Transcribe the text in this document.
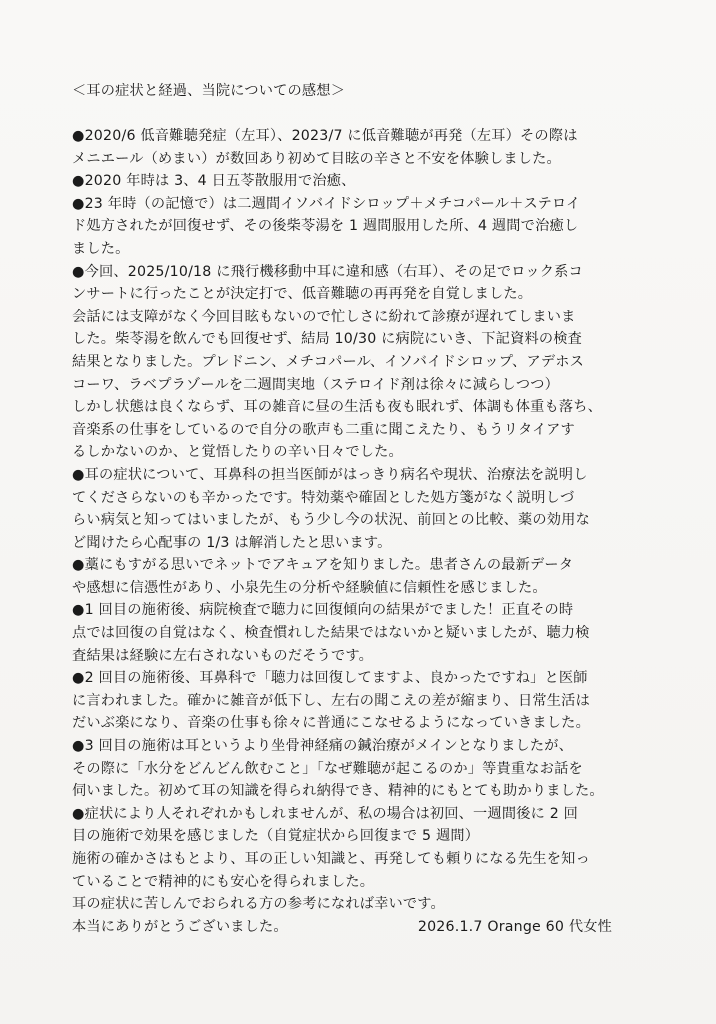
＜耳の症状と経過、当院についての感想＞
●2020/6 低音難聴発症（左耳）、2023/7 に低音難聴が再発（左耳）その際は
メニエール（めまい）が数回あり初めて目眩の辛さと不安を体験しました。
●2020 年時は 3、4 日五苓散服用で治癒、
●23 年時（の記憶で）は二週間イソバイドシロップ＋メチコパール＋ステロイ
ド処方されたが回復せず、その後柴苓湯を 1 週間服用した所、4 週間で治癒し
ました。
●今回、2025/10/18 に飛行機移動中耳に違和感（右耳）、その足でロック系コ
ンサートに行ったことが決定打で、低音難聴の再再発を自覚しました。
会話には支障がなく今回目眩もないので忙しさに紛れて診療が遅れてしまいま
した。柴苓湯を飲んでも回復せず、結局 10/30 に病院にいき、下記資料の検査
結果となりました。プレドニン、メチコパール、イソバイドシロップ、アデホス
コーワ、ラベプラゾールを二週間実地（ステロイド剤は徐々に減らしつつ）
しかし状態は良くならず、耳の雑音に昼の生活も夜も眠れず、体調も体重も落ち、
音楽系の仕事をしているので自分の歌声も二重に聞こえたり、もうリタイアす
るしかないのか、と覚悟したりの辛い日々でした。
●耳の症状について、耳鼻科の担当医師がはっきり病名や現状、治療法を説明し
てくださらないのも辛かったです。特効薬や確固とした処方箋がなく説明しづ
らい病気と知ってはいましたが、もう少し今の状況、前回との比較、薬の効用な
ど聞けたら心配事の 1/3 は解消したと思います。
●藁にもすがる思いでネットでアキュアを知りました。患者さんの最新データ
や感想に信憑性があり、小泉先生の分析や経験値に信頼性を感じました。
●1 回目の施術後、病院検査で聴力に回復傾向の結果がでました！正直その時
点では回復の自覚はなく、検査慣れした結果ではないかと疑いましたが、聴力検
査結果は経験に左右されないものだそうです。
●2 回目の施術後、耳鼻科で「聴力は回復してますよ、良かったですね」と医師
に言われました。確かに雑音が低下し、左右の聞こえの差が縮まり、日常生活は
だいぶ楽になり、音楽の仕事も徐々に普通にこなせるようになっていきました。
●3 回目の施術は耳というより坐骨神経痛の鍼治療がメインとなりましたが、
その際に「水分をどんどん飲むこと」「なぜ難聴が起こるのか」等貴重なお話を
伺いました。初めて耳の知識を得られ納得でき、精神的にもとても助かりました。
●症状により人それぞれかもしれませんが、私の場合は初回、一週間後に 2 回
目の施術で効果を感じました（自覚症状から回復まで 5 週間）
施術の確かさはもとより、耳の正しい知識と、再発しても頼りになる先生を知っ
ていることで精神的にも安心を得られました。
耳の症状に苦しんでおられる方の参考になれば幸いです。
本当にありがとうございました。	2026.1.7 Orange 60 代女性
